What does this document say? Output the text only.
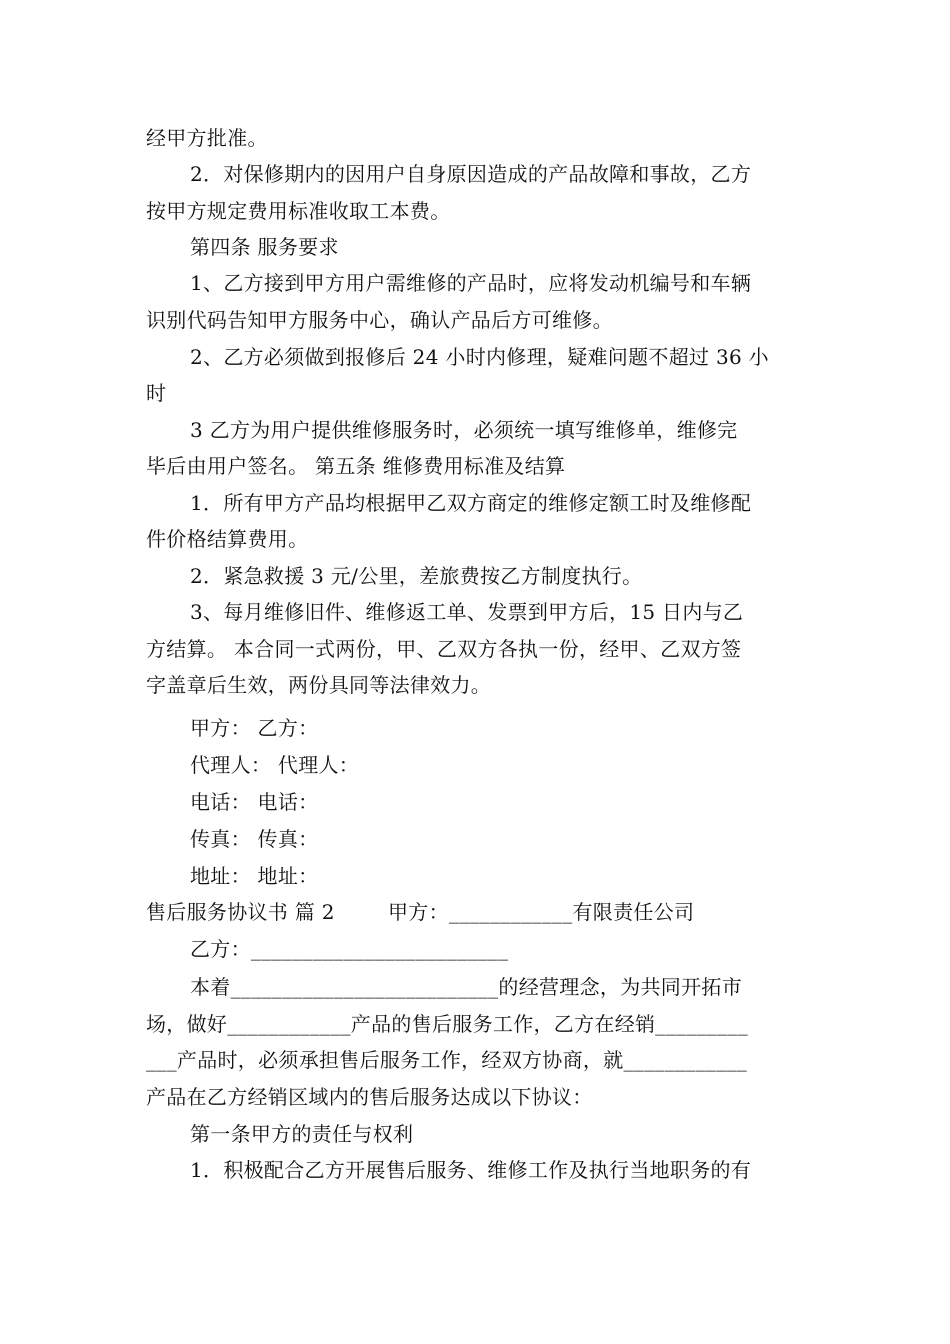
经甲方批准。
2．对保修期内的因用户自身原因造成的产品故障和事故，乙方
按甲方规定费用标准收取工本费。
第四条 服务要求
1、乙方接到甲方用户需维修的产品时，应将发动机编号和车辆
识别代码告知甲方服务中心，确认产品后方可维修。
2、乙方必须做到报修后 24 小时内修理，疑难问题不超过 36 小
时
3 乙方为用户提供维修服务时，必须统一填写维修单，维修完
毕后由用户签名。 第五条 维修费用标准及结算
1．所有甲方产品均根据甲乙双方商定的维修定额工时及维修配
件价格结算费用。
2．紧急救援 3 元/公里，差旅费按乙方制度执行。
3、每月维修旧件、维修返工单、发票到甲方后，15 日内与乙
方结算。 本合同一式两份，甲、乙双方各执一份，经甲、乙双方签
字盖章后生效，两份具同等法律效力。
甲方： 乙方：
代理人： 代理人：
电话： 电话：
传真： 传真：
地址： 地址：
售后服务协议书 篇 2        甲方：____________有限责任公司
乙方：_________________________
本着__________________________的经营理念，为共同开拓市
场，做好____________产品的售后服务工作，乙方在经销_________
___产品时，必须承担售后服务工作，经双方协商，就____________
产品在乙方经销区域内的售后服务达成以下协议：
第一条甲方的责任与权利
1．积极配合乙方开展售后服务、维修工作及执行当地职务的有
